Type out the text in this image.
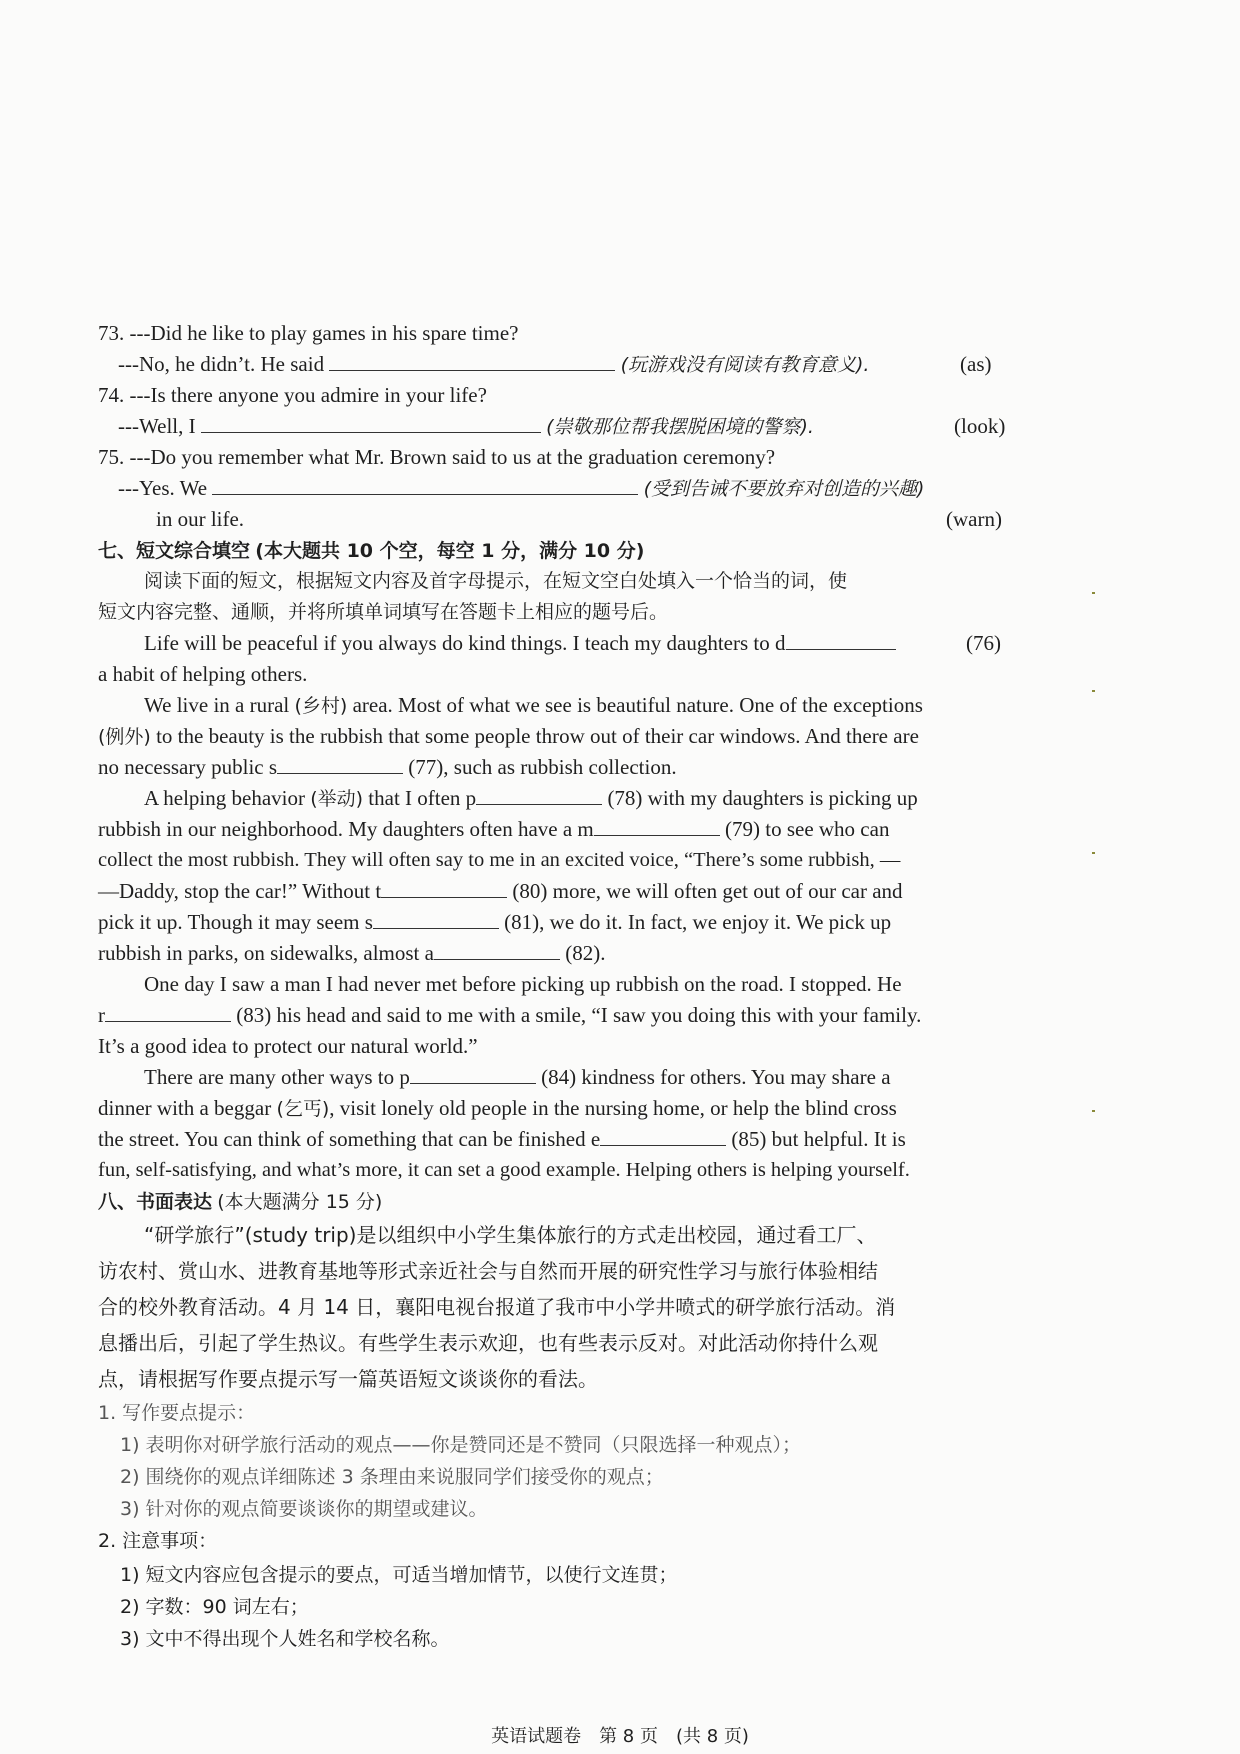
73. ---Did he like to play games in his spare time?
---No, he didn’t. He said	(玩游戏没有阅读有教育意义).	(as)
74. ---Is there anyone you admire in your life?
---Well, I	(崇敬那位帮我摆脱困境的警察).	(look)
75. ---Do you remember what Mr. Brown said to us at the graduation ceremony?
---Yes. We	(受到告诫不要放弃对创造的兴趣)
in our life.	(warn)
七、短文综合填空 (本大题共 10 个空，每空 1 分，满分 10 分)
阅读下面的短文，根据短文内容及首字母提示，在短文空白处填入一个恰当的词，使
短文内容完整、通顺，并将所填单词填写在答题卡上相应的题号后。
Life will be peaceful if you always do kind things. I teach my daughters to d	(76)
a habit of helping others.
We live in a rural (乡村) area. Most of what we see is beautiful nature. One of the exceptions
(例外) to the beauty is the rubbish that some people throw out of their car windows. And there are
no necessary public s	(77), such as rubbish collection.
A helping behavior (举动) that I often p	(78) with my daughters is picking up
rubbish in our neighborhood. My daughters often have a m	(79) to see who can
collect the most rubbish. They will often say to me in an excited voice, “There’s some rubbish, —
—Daddy, stop the car!” Without t	(80) more, we will often get out of our car and
pick it up. Though it may seem s	(81), we do it. In fact, we enjoy it. We pick up
rubbish in parks, on sidewalks, almost a	(82).
One day I saw a man I had never met before picking up rubbish on the road. I stopped. He
r	(83) his head and said to me with a smile, “I saw you doing this with your family.
It’s a good idea to protect our natural world.”
There are many other ways to p	(84) kindness for others. You may share a
dinner with a beggar (乞丐), visit lonely old people in the nursing home, or help the blind cross
the street. You can think of something that can be finished e	(85) but helpful. It is
fun, self-satisfying, and what’s more, it can set a good example. Helping others is helping yourself.
八、书面表达 (本大题满分 15 分)
“研学旅行”(study trip)是以组织中小学生集体旅行的方式走出校园，通过看工厂、
访农村、赏山水、进教育基地等形式亲近社会与自然而开展的研究性学习与旅行体验相结
合的校外教育活动。4 月 14 日，襄阳电视台报道了我市中小学井喷式的研学旅行活动。消
息播出后，引起了学生热议。有些学生表示欢迎，也有些表示反对。对此活动你持什么观
点，请根据写作要点提示写一篇英语短文谈谈你的看法。
1. 写作要点提示：
1) 表明你对研学旅行活动的观点——你是赞同还是不赞同（只限选择一种观点）；
2) 围绕你的观点详细陈述 3 条理由来说服同学们接受你的观点；
3) 针对你的观点简要谈谈你的期望或建议。
2. 注意事项：
1) 短文内容应包含提示的要点，可适当增加情节，以使行文连贯；
2) 字数：90 词左右；
3) 文中不得出现个人姓名和学校名称。
英语试题卷　第 8 页　(共 8 页)
